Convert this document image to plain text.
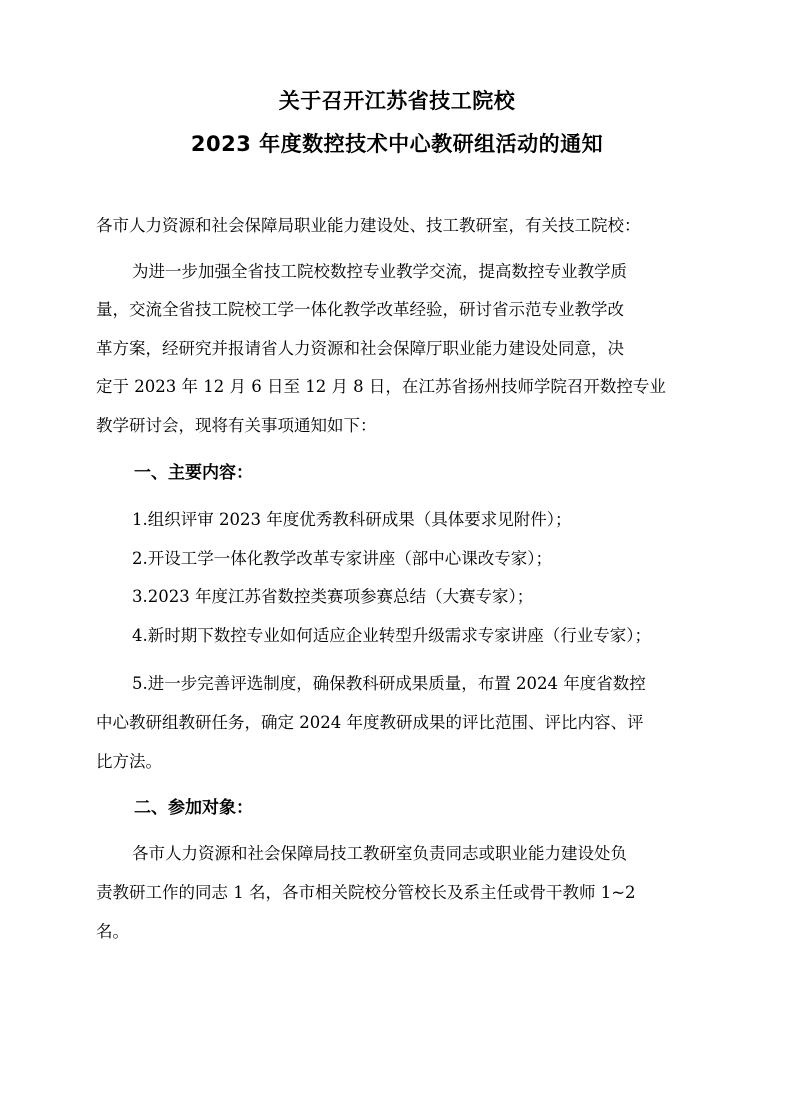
关于召开江苏省技工院校
2023 年度数控技术中心教研组活动的通知
各市人力资源和社会保障局职业能力建设处、技工教研室，有关技工院校：
为进一步加强全省技工院校数控专业教学交流，提高数控专业教学质
量，交流全省技工院校工学一体化教学改革经验，研讨省示范专业教学改
革方案，经研究并报请省人力资源和社会保障厅职业能力建设处同意，决
定于 2023 年 12 月 6 日至 12 月 8 日，在江苏省扬州技师学院召开数控专业
教学研讨会，现将有关事项通知如下：
一、主要内容：
1.组织评审 2023 年度优秀教科研成果（具体要求见附件）；
2.开设工学一体化教学改革专家讲座（部中心课改专家）；
3.2023 年度江苏省数控类赛项参赛总结（大赛专家）；
4.新时期下数控专业如何适应企业转型升级需求专家讲座（行业专家）；
5.进一步完善评选制度，确保教科研成果质量，布置 2024 年度省数控
中心教研组教研任务，确定 2024 年度教研成果的评比范围、评比内容、评
比方法。
二、参加对象：
各市人力资源和社会保障局技工教研室负责同志或职业能力建设处负
责教研工作的同志 1 名，各市相关院校分管校长及系主任或骨干教师 1~2
名。
